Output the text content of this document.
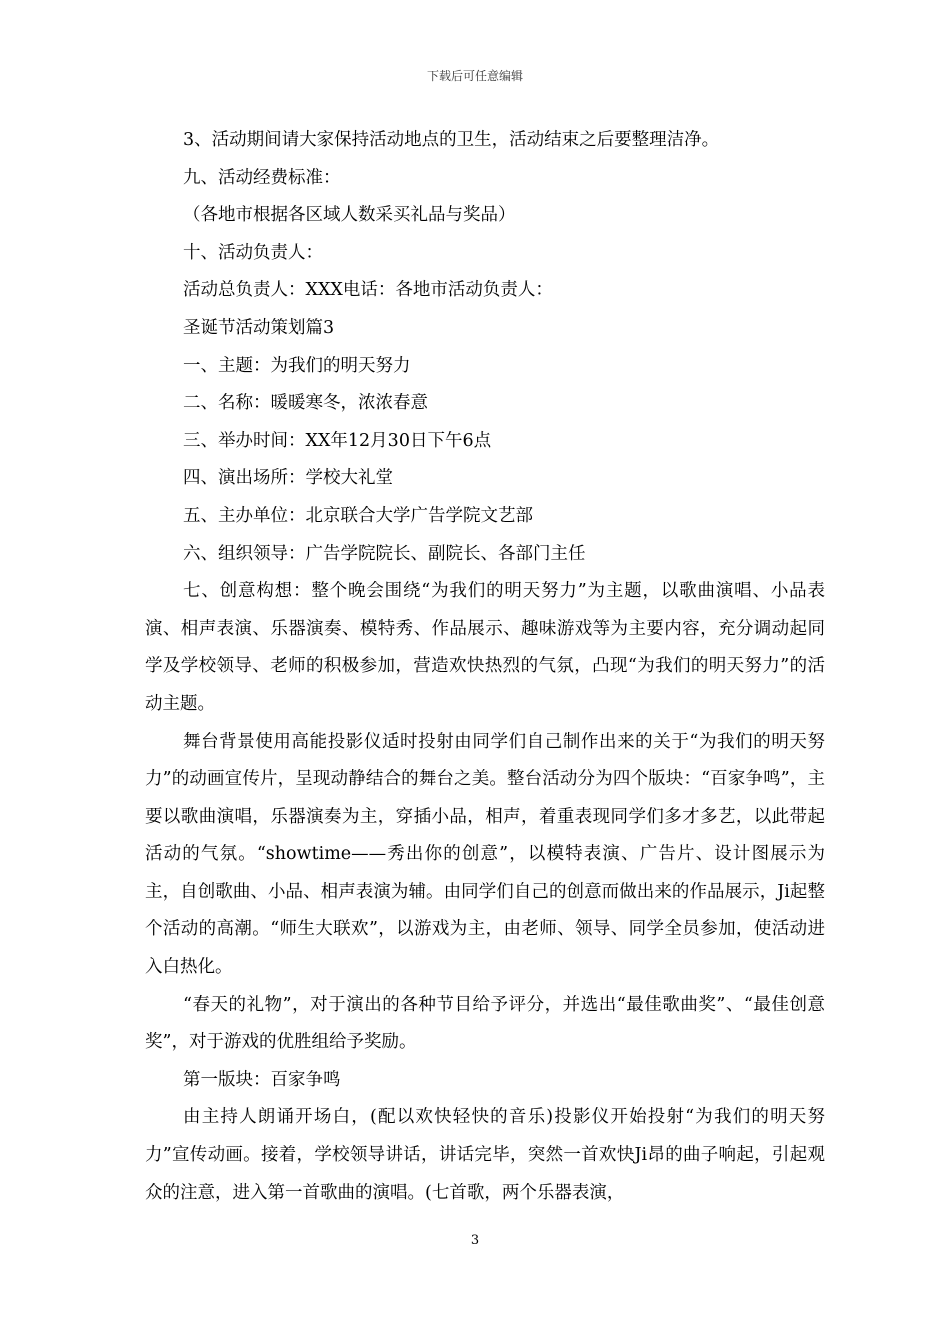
下载后可任意编辑

3、活动期间请大家保持活动地点的卫生，活动结束之后要整理洁净。

九、活动经费标准：

（各地市根据各区域人数采买礼品与奖品）

十、活动负责人：

活动总负责人：XXX电话：各地市活动负责人：

圣诞节活动策划篇3

一、主题：为我们的明天努力

二、名称：暖暖寒冬，浓浓春意

三、举办时间：XX年12月30日下午6点

四、演出场所：学校大礼堂

五、主办单位：北京联合大学广告学院文艺部

六、组织领导：广告学院院长、副院长、各部门主任

七、创意构想：整个晚会围绕“为我们的明天努力”为主题，以歌曲演唱、小品表演、相声表演、乐器演奏、模特秀、作品展示、趣味游戏等为主要内容，充分调动起同学及学校领导、老师的积极参加，营造欢快热烈的气氛，凸现“为我们的明天努力”的活动主题。

舞台背景使用高能投影仪适时投射由同学们自己制作出来的关于“为我们的明天努力”的动画宣传片，呈现动静结合的舞台之美。整台活动分为四个版块：“百家争鸣”，主要以歌曲演唱，乐器演奏为主，穿插小品，相声，着重表现同学们多才多艺，以此带起活动的气氛。“showtime——秀出你的创意”，以模特表演、广告片、设计图展示为主，自创歌曲、小品、相声表演为辅。由同学们自己的创意而做出来的作品展示，Ji起整个活动的高潮。“师生大联欢”，以游戏为主，由老师、领导、同学全员参加，使活动进入白热化。

“春天的礼物”，对于演出的各种节目给予评分，并选出“最佳歌曲奖”、“最佳创意奖”，对于游戏的优胜组给予奖励。

第一版块：百家争鸣

由主持人朗诵开场白，(配以欢快轻快的音乐)投影仪开始投射“为我们的明天努力”宣传动画。接着，学校领导讲话，讲话完毕，突然一首欢快Ji昂的曲子响起，引起观众的注意，进入第一首歌曲的演唱。(七首歌，两个乐器表演，

3
